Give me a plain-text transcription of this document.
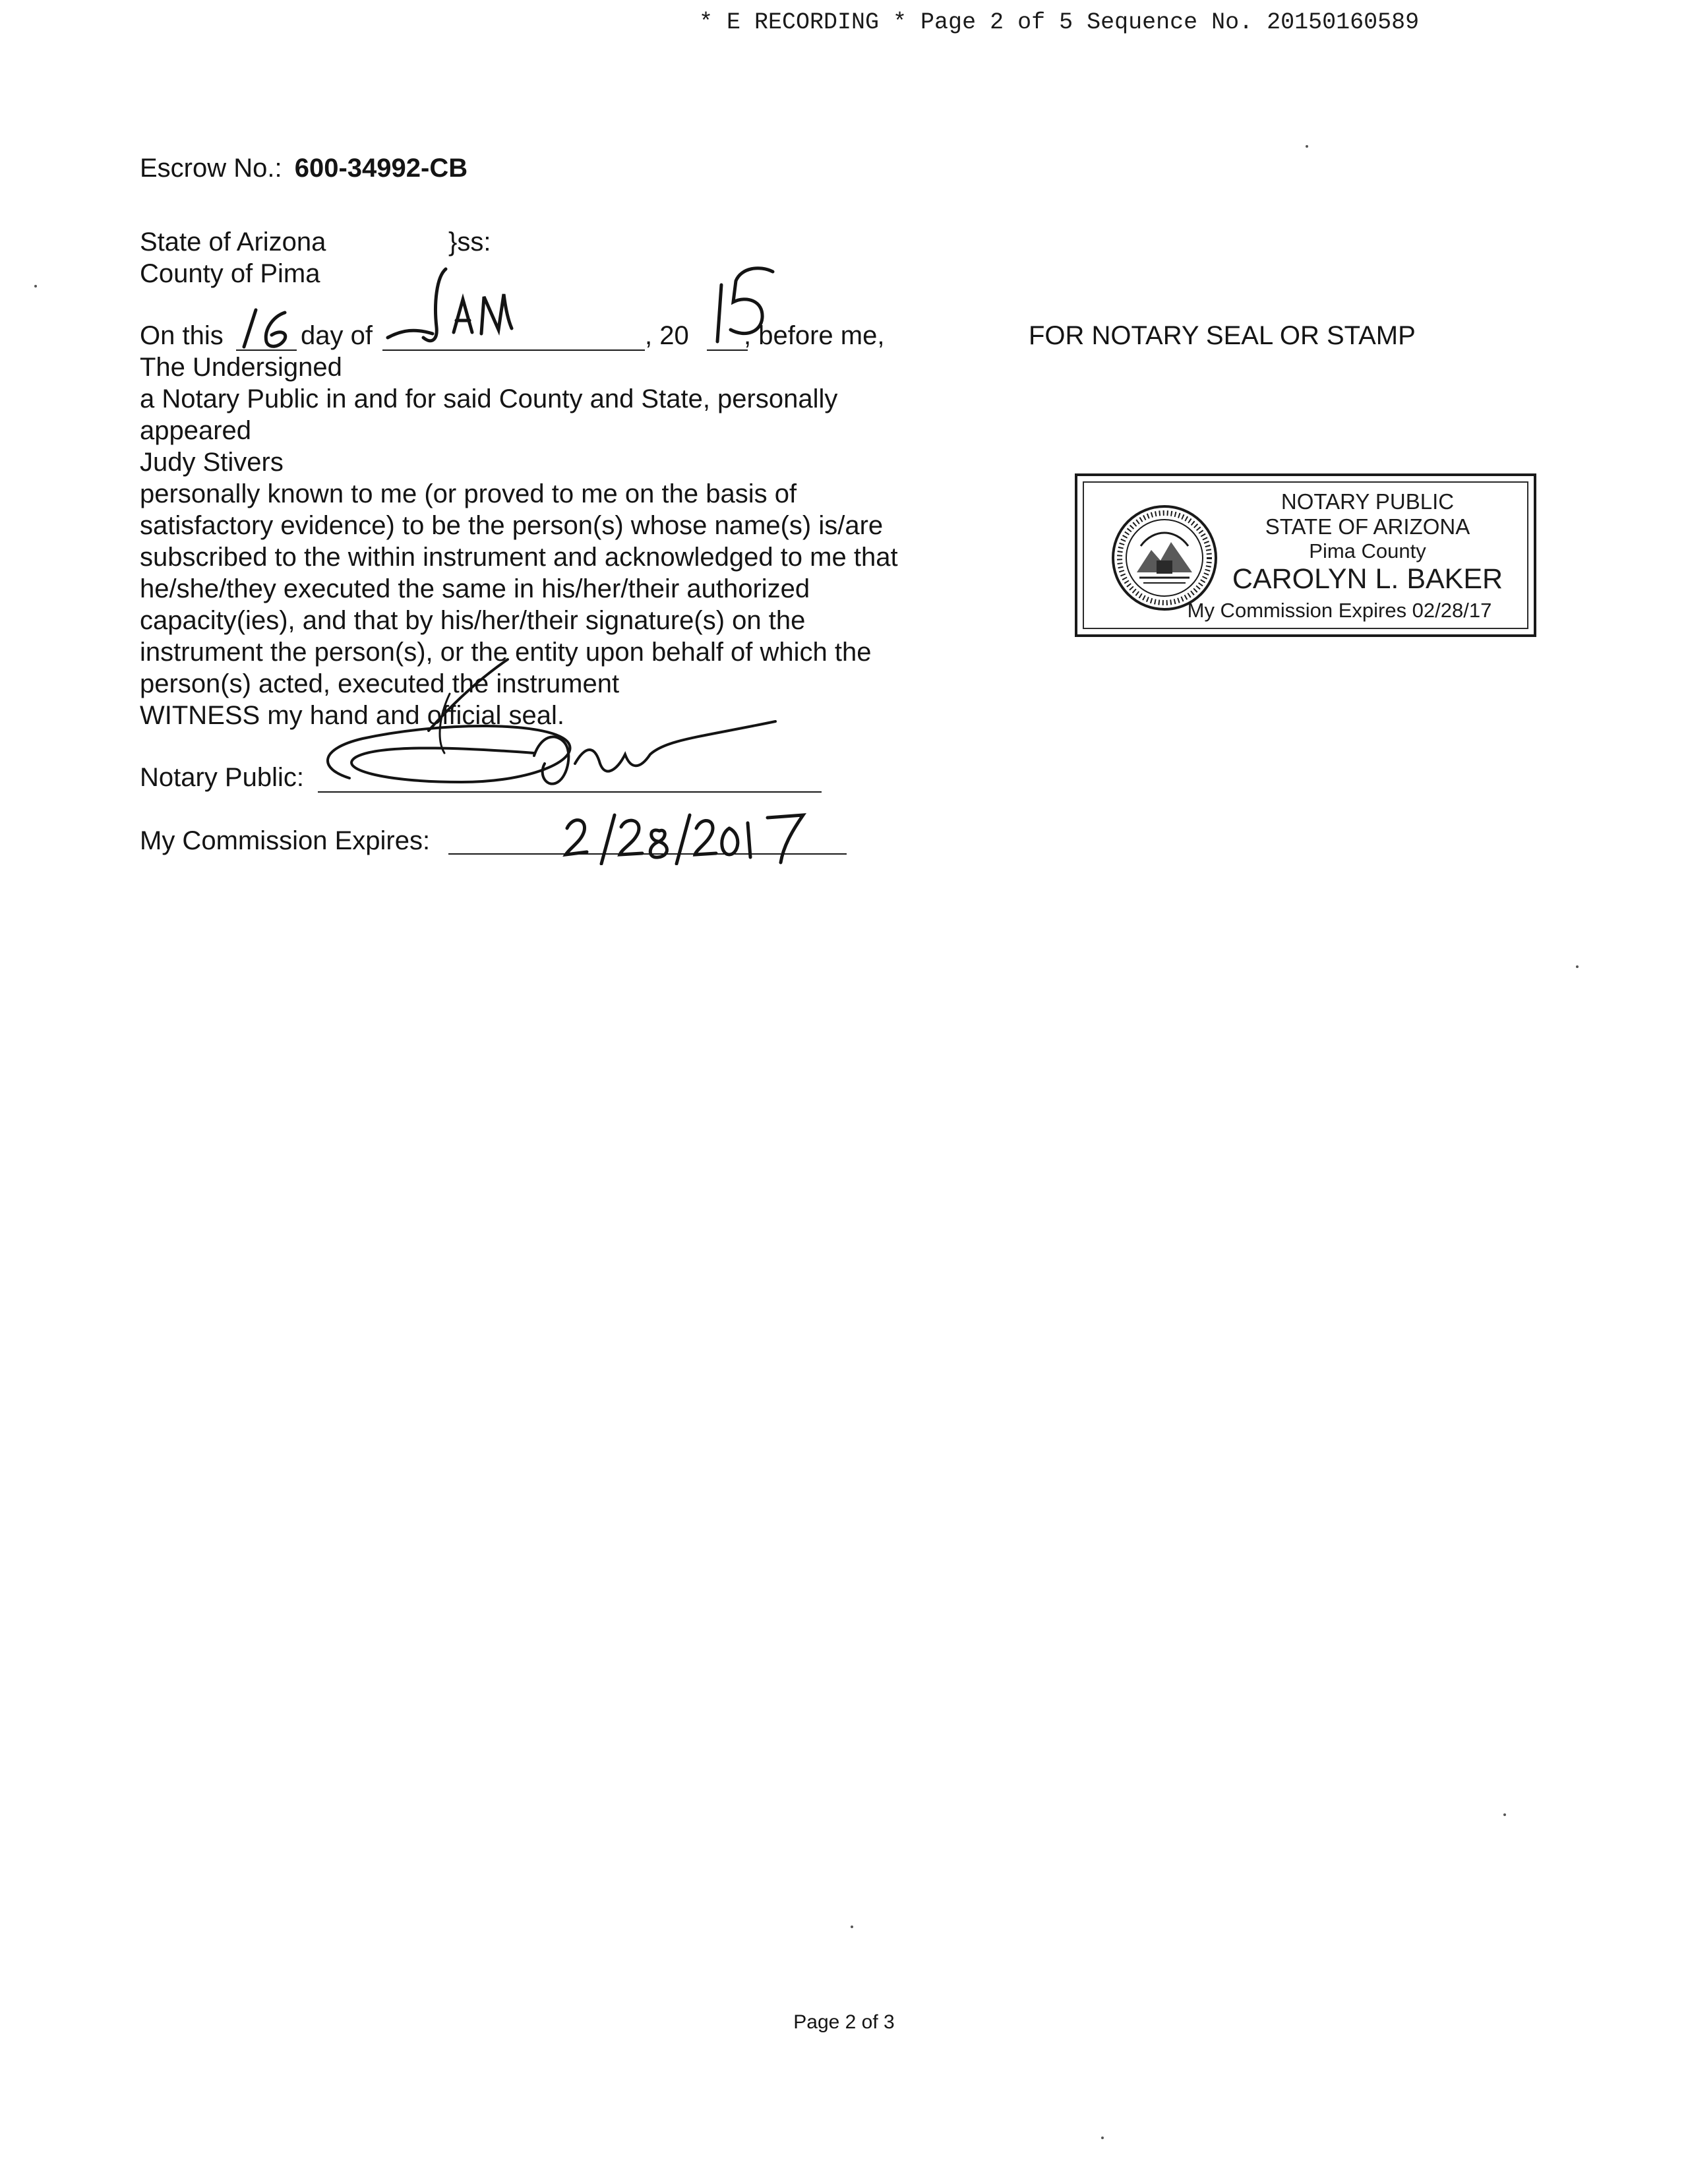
* E RECORDING * Page 2 of 5 Sequence No. 20150160589
Escrow No.: 600-34992-CB
State of Arizona	}ss:
County of Pima
On this	day of	, 20 , before me,	FOR NOTARY SEAL OR STAMP
The Undersigned
a Notary Public in and for said County and State, personally
appeared
Judy Stivers
personally known to me (or proved to me on the basis of
satisfactory evidence) to be the person(s) whose name(s) is/are
subscribed to the within instrument and acknowledged to me that
he/she/they executed the same in his/her/their authorized
capacity(ies), and that by his/her/their signature(s) on the
instrument the person(s), or the entity upon behalf of which the
person(s) acted, executed the instrument
WITNESS my hand and official seal.
Notary Public:
My Commission Expires:
NOTARY PUBLIC
STATE OF ARIZONA
Pima County
CAROLYN L. BAKER
My Commission Expires 02/28/17
Page 2 of 3
